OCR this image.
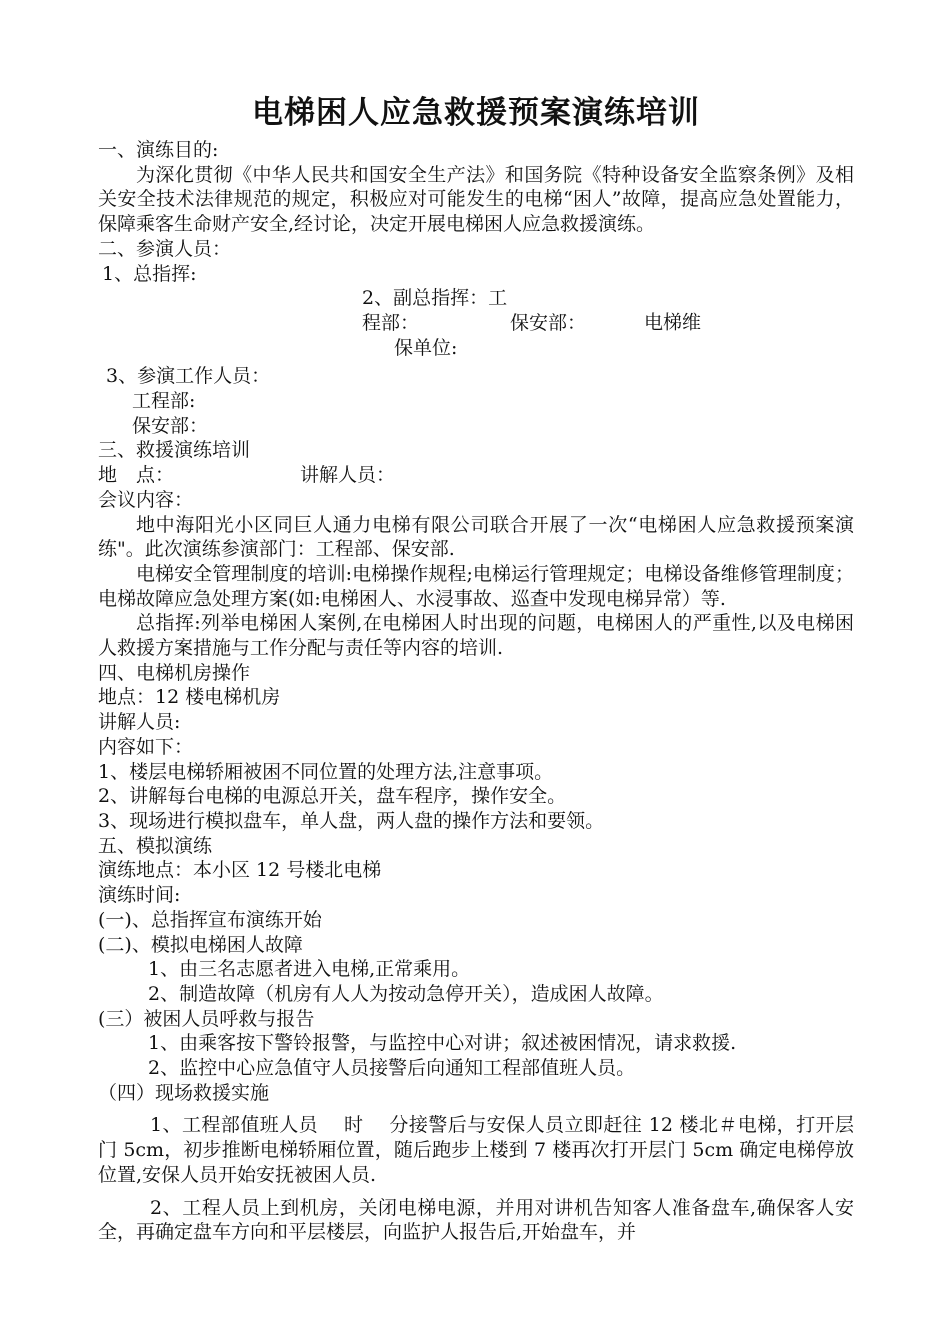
电梯困人应急救援预案演练培训

一、演练目的:

为深化贯彻《中华人民共和国安全生产法》和国务院《特种设备安全监察条例》及相关安全技术法律规范的规定，积极应对可能发生的电梯“困人”故障，提高应急处置能力，保障乘客生命财产安全,经讨论，决定开展电梯困人应急救援演练。

二、参演人员：

1、总指挥:

2、副总指挥：工程部：	保安部：	电梯维
保单位:

3、参演工作人员：

工程部:

保安部：

三、救援演练培训

地　点：	讲解人员：

会议内容：

地中海阳光小区同巨人通力电梯有限公司联合开展了一次“电梯困人应急救援预案演练"。此次演练参演部门：工程部、保安部.

电梯安全管理制度的培训:电梯操作规程;电梯运行管理规定；电梯设备维修管理制度；电梯故障应急处理方案(如:电梯困人、水浸事故、巡查中发现电梯异常）等.

总指挥:列举电梯困人案例,在电梯困人时出现的问题，电梯困人的严重性,以及电梯困人救援方案措施与工作分配与责任等内容的培训.

四、电梯机房操作

地点：12 楼电梯机房

讲解人员:

内容如下：

1、楼层电梯轿厢被困不同位置的处理方法,注意事项。

2、讲解每台电梯的电源总开关，盘车程序，操作安全。

3、现场进行模拟盘车，单人盘，两人盘的操作方法和要领。

五、模拟演练

演练地点：本小区 12 号楼北电梯

演练时间:

(一)、总指挥宣布演练开始

(二)、模拟电梯困人故障

1、由三名志愿者进入电梯,正常乘用。

2、制造故障（机房有人人为按动急停开关），造成困人故障。

(三）被困人员呼救与报告

1、由乘客按下警铃报警，与监控中心对讲；叙述被困情况，请求救援.

2、监控中心应急值守人员接警后向通知工程部值班人员。

（四）现场救援实施

1、工程部值班人员　 时　 分接警后与安保人员立即赶往 12 楼北＃电梯，打开层门 5cm，初步推断电梯轿厢位置，随后跑步上楼到 7 楼再次打开层门 5cm 确定电梯停放位置,安保人员开始安抚被困人员.

2、工程人员上到机房，关闭电梯电源，并用对讲机告知客人准备盘车,确保客人安全，再确定盘车方向和平层楼层，向监护人报告后,开始盘车，并
